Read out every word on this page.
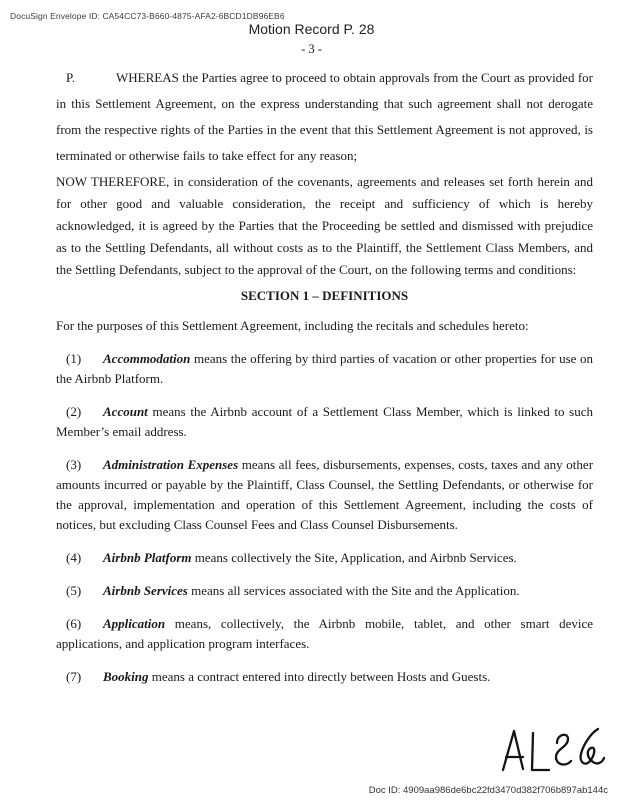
DocuSign Envelope ID: CA54CC73-B660-4875-AFA2-6BCD1DB96EB6
Motion Record P. 28
- 3 -

P.	WHEREAS the Parties agree to proceed to obtain approvals from the Court as provided for in this Settlement Agreement, on the express understanding that such agreement shall not derogate from the respective rights of the Parties in the event that this Settlement Agreement is not approved, is terminated or otherwise fails to take effect for any reason;

NOW THEREFORE, in consideration of the covenants, agreements and releases set forth herein and for other good and valuable consideration, the receipt and sufficiency of which is hereby acknowledged, it is agreed by the Parties that the Proceeding be settled and dismissed with prejudice as to the Settling Defendants, all without costs as to the Plaintiff, the Settlement Class Members, and the Settling Defendants, subject to the approval of the Court, on the following terms and conditions:

SECTION 1 – DEFINITIONS

For the purposes of this Settlement Agreement, including the recitals and schedules hereto:

(1) Accommodation means the offering by third parties of vacation or other properties for use on the Airbnb Platform.

(2) Account means the Airbnb account of a Settlement Class Member, which is linked to such Member’s email address.

(3) Administration Expenses means all fees, disbursements, expenses, costs, taxes and any other amounts incurred or payable by the Plaintiff, Class Counsel, the Settling Defendants, or otherwise for the approval, implementation and operation of this Settlement Agreement, including the costs of notices, but excluding Class Counsel Fees and Class Counsel Disbursements.

(4) Airbnb Platform means collectively the Site, Application, and Airbnb Services.

(5) Airbnb Services means all services associated with the Site and the Application.

(6) Application means, collectively, the Airbnb mobile, tablet, and other smart device applications, and application program interfaces.

(7) Booking means a contract entered into directly between Hosts and Guests.

Doc ID: 4909aa986de6bc22fd3470d382f706b897ab144c
